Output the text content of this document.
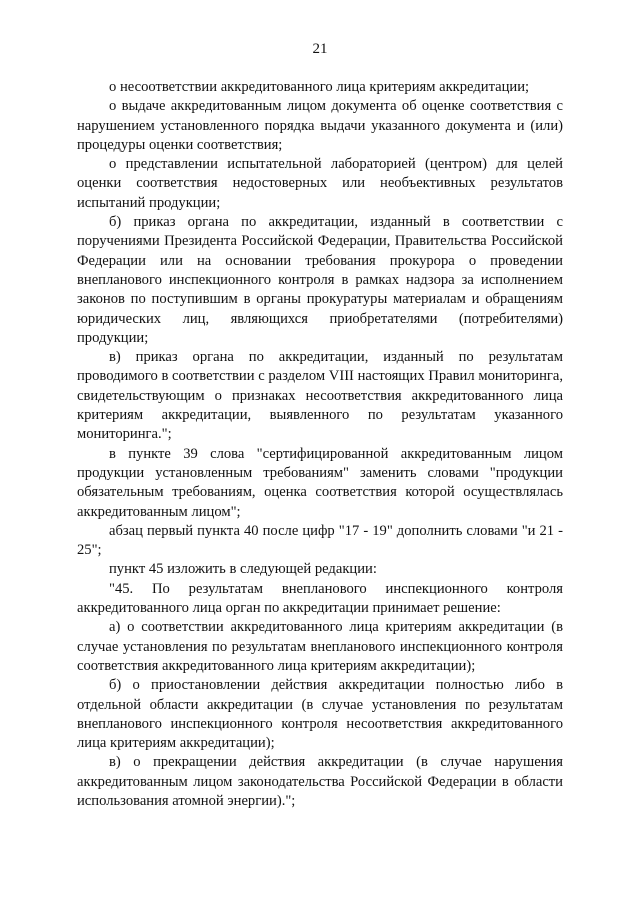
21

о несоответствии аккредитованного лица критериям аккредитации;

о выдаче аккредитованным лицом документа об оценке соответствия с нарушением установленного порядка выдачи указанного документа и (или) процедуры оценки соответствия;

о представлении испытательной лабораторией (центром) для целей оценки соответствия недостоверных или необъективных результатов испытаний продукции;

б) приказ органа по аккредитации, изданный в соответствии с поручениями Президента Российской Федерации, Правительства Российской Федерации или на основании требования прокурора о проведении внепланового инспекционного контроля в рамках надзора за исполнением законов по поступившим в органы прокуратуры материалам и обращениям юридических лиц, являющихся приобретателями (потребителями) продукции;

в) приказ органа по аккредитации, изданный по результатам проводимого в соответствии с разделом VIII настоящих Правил мониторинга, свидетельствующим о признаках несоответствия аккредитованного лица критериям аккредитации, выявленного по результатам указанного мониторинга.";

в пункте 39 слова "сертифицированной аккредитованным лицом продукции установленным требованиям" заменить словами "продукции обязательным требованиям, оценка соответствия которой осуществлялась аккредитованным лицом";

абзац первый пункта 40 после цифр "17 - 19" дополнить словами "и 21 - 25";

пункт 45 изложить в следующей редакции:

"45. По результатам внепланового инспекционного контроля аккредитованного лица орган по аккредитации принимает решение:

а) о соответствии аккредитованного лица критериям аккредитации (в случае установления по результатам внепланового инспекционного контроля соответствия аккредитованного лица критериям аккредитации);

б) о приостановлении действия аккредитации полностью либо в отдельной области аккредитации (в случае установления по результатам внепланового инспекционного контроля несоответствия аккредитованного лица критериям аккредитации);

в) о прекращении действия аккредитации (в случае нарушения аккредитованным лицом законодательства Российской Федерации в области использования атомной энергии).";
